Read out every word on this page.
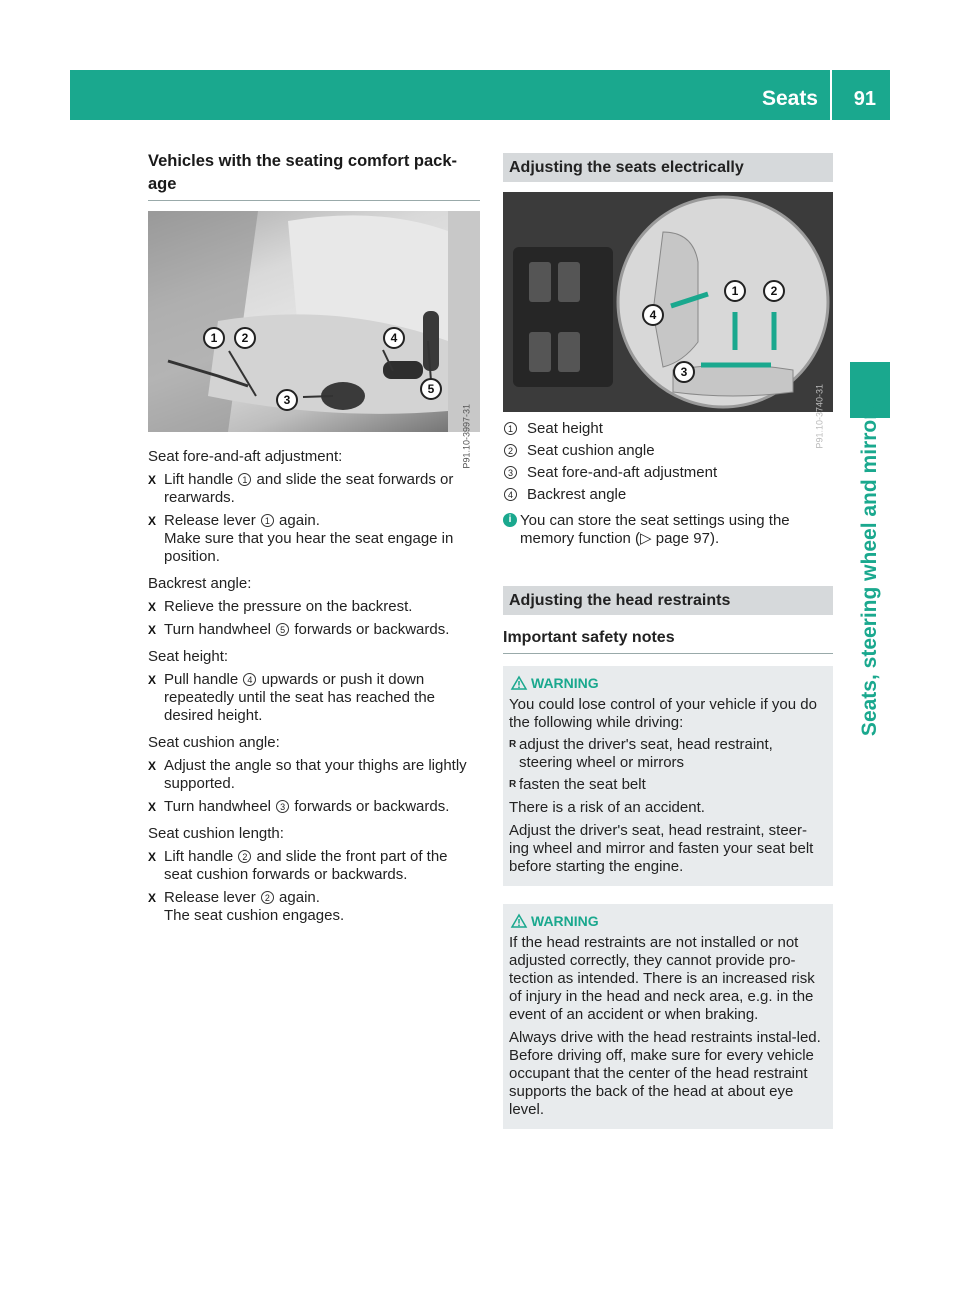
Seats 91
Seats, steering wheel and mirrors
Vehicles with the seating comfort pack-age
1	2
3
4
5
P91.10-3997-31

Seat fore-and-aft adjustment:

X Lift handle 1 and slide the seat forwards or rearwards.
X Release lever 1 again.
Make sure that you hear the seat engage in position.

Backrest angle:

X Relieve the pressure on the backrest.
X Turn handwheel 5 forwards or backwards.

Seat height:

X Pull handle 4 upwards or push it down repeatedly until the seat has reached the desired height.

Seat cushion angle:

X Adjust the angle so that your thighs are lightly supported.
X Turn handwheel 3 forwards or backwards.

Seat cushion length:

X Lift handle 2 and slide the front part of the seat cushion forwards or backwards.
X Release lever 2 again.
The seat cushion engages.
Adjusting the seats electrically
1	2
3
4
P91.10-3740-31
1 Seat height
2 Seat cushion angle
3 Seat fore-and-aft adjustment
4 Backrest angle
i You can store the seat settings using the memory function (▷ page 97).
Adjusting the head restraints
Important safety notes
WARNING

You could lose control of your vehicle if you do the following while driving:

R adjust the driver's seat, head restraint, steering wheel or mirrors
R fasten the seat belt

There is a risk of an accident.

Adjust the driver's seat, head restraint, steer-ing wheel and mirror and fasten your seat belt before starting the engine.

WARNING

If the head restraints are not installed or not adjusted correctly, they cannot provide pro-tection as intended. There is an increased risk of injury in the head and neck area, e.g. in the event of an accident or when braking.

Always drive with the head restraints instal-led. Before driving off, make sure for every vehicle occupant that the center of the head restraint supports the back of the head at about eye level.
